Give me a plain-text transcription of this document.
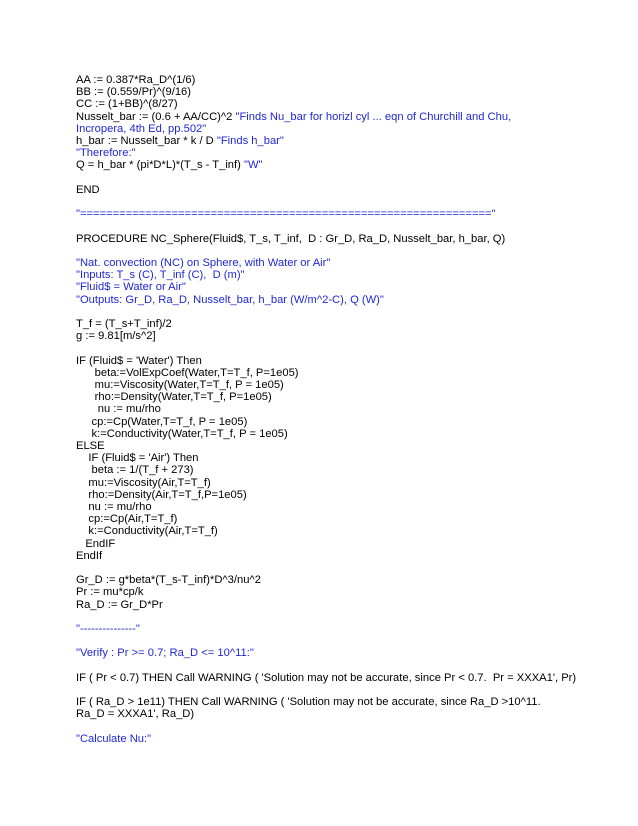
AA := 0.387*Ra_D^(1/6)
BB := (0.559/Pr)^(9/16)
CC := (1+BB)^(8/27)
Nusselt_bar := (0.6 + AA/CC)^2 "Finds Nu_bar for horizl cyl ... eqn of Churchill and Chu, Incropera, 4th Ed, pp.502"
h_bar := Nusselt_bar * k / D "Finds h_bar"
"Therefore:"
Q = h_bar * (pi*D*L)*(T_s - T_inf) "W"
END
"==============================================================="
PROCEDURE NC_Sphere(Fluid$, T_s, T_inf,  D : Gr_D, Ra_D, Nusselt_bar, h_bar, Q)
"Nat. convection (NC) on Sphere, with Water or Air"
"Inputs: T_s (C), T_inf (C),  D (m)"
"Fluid$ = Water or Air"
"Outputs: Gr_D, Ra_D, Nusselt_bar, h_bar (W/m^2-C), Q (W)"
T_f = (T_s+T_inf)/2
g := 9.81[m/s^2]
IF (Fluid$ = 'Water') Then
beta:=VolExpCoef(Water,T=T_f, P=1e05)
mu:=Viscosity(Water,T=T_f, P = 1e05)
rho:=Density(Water,T=T_f, P=1e05)
nu := mu/rho
cp:=Cp(Water,T=T_f, P = 1e05)
k:=Conductivity(Water,T=T_f, P = 1e05)
ELSE
IF (Fluid$ = 'Air') Then
beta := 1/(T_f + 273)
mu:=Viscosity(Air,T=T_f)
rho:=Density(Air,T=T_f,P=1e05)
nu := mu/rho
cp:=Cp(Air,T=T_f)
k:=Conductivity(Air,T=T_f)
EndIF
EndIf
Gr_D := g*beta*(T_s-T_inf)*D^3/nu^2
Pr := mu*cp/k
Ra_D := Gr_D*Pr
"---------------"
"Verify : Pr >= 0.7; Ra_D <= 10^11:"
IF ( Pr < 0.7) THEN Call WARNING ( 'Solution may not be accurate, since Pr < 0.7.  Pr = XXXA1', Pr)
IF ( Ra_D > 1e11) THEN Call WARNING ( 'Solution may not be accurate, since Ra_D >10^11. Ra_D = XXXA1', Ra_D)
"Calculate Nu:"
